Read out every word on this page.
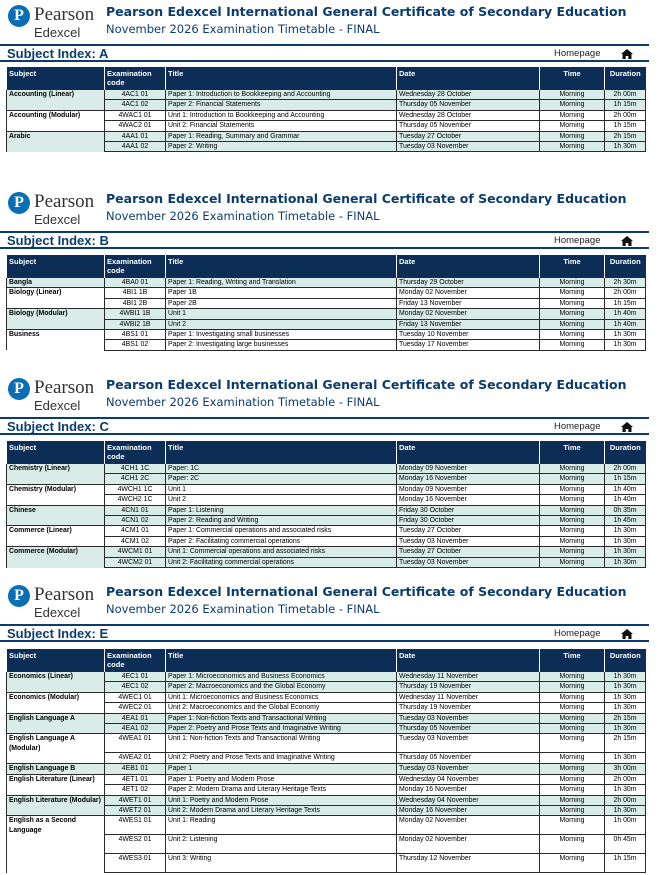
P Pearson
Edexcel
Pearson Edexcel International General Certificate of Secondary Education
November 2026 Examination Timetable - FINAL
Subject Index: A	Homepage
Subject	Examination
code	Title	Date	Time	Duration
Accounting (Linear)	4AC1 01	Paper 1: Introduction to Bookkeeping and Accounting	Wednesday 28 October	Morning	2h 00m
	4AC1 02	Paper 2: Financial Statements	Thursday 05 November	Morning	1h 15m
Accounting (Modular)	4WAC1 01	Unit 1: Introduction to Bookkeeping and Accounting	Wednesday 28 October	Morning	2h 00m
	4WAC2 01	Unit 2: Financial Statements	Thursday 05 November	Morning	1h 15m
Arabic	4AA1 01	Paper 1: Reading, Summary and Grammar	Tuesday 27 October	Morning	2h 15m
	4AA1 02	Paper 2: Writing	Tuesday 03 November	Morning	1h 30m
P Pearson
Edexcel
Pearson Edexcel International General Certificate of Secondary Education
November 2026 Examination Timetable - FINAL
Subject Index: B	Homepage
Subject	Examination
code	Title	Date	Time	Duration
Bangla	4BA0 01	Paper 1: Reading, Writing and Translation	Thursday 29 October	Morning	2h 30m
Biology (Linear)	4BI1 1B	Paper 1B	Monday 02 November	Morning	2h 00m
	4BI1 2B	Paper 2B	Friday 13 November	Morning	1h 15m
Biology (Modular)	4WBI1 1B	Unit 1	Monday 02 November	Morning	1h 40m
	4WBI2 1B	Unit 2	Friday 13 November	Morning	1h 40m
Business	4BS1 01	Paper 1: Investigating small businesses	Tuesday 10 November	Morning	1h 30m
	4BS1 02	Paper 2: Investigating large businesses	Tuesday 17 November	Morning	1h 30m
P Pearson
Edexcel
Pearson Edexcel International General Certificate of Secondary Education
November 2026 Examination Timetable - FINAL
Subject Index: C	Homepage
Subject	Examination
code	Title	Date	Time	Duration
Chemistry (Linear)	4CH1 1C	Paper: 1C	Monday 09 November	Morning	2h 00m
	4CH1 2C	Paper: 2C	Monday 16 November	Morning	1h 15m
Chemistry (Modular)	4WCH1 1C	Unit 1	Monday 09 November	Morning	1h 40m
	4WCH2 1C	Unit 2	Monday 16 November	Morning	1h 40m
Chinese	4CN1 01	Paper 1: Listening	Friday 30 October	Morning	0h 35m
	4CN1 02	Paper 2: Reading and Writing	Friday 30 October	Morning	1h 45m
Commerce (Linear)	4CM1 01	Paper 1: Commercial operations and associated risks	Tuesday 27 October	Morning	1h 30m
	4CM1 02	Paper 2: Facilitating commercial operations	Tuesday 03 November	Morning	1h 30m
Commerce (Modular)	4WCM1 01	Unit 1: Commercial operations and associated risks	Tuesday 27 October	Morning	1h 30m
	4WCM2 01	Unit 2: Facilitating commercial operations	Tuesday 03 November	Morning	1h 30m
P Pearson
Edexcel
Pearson Edexcel International General Certificate of Secondary Education
November 2026 Examination Timetable - FINAL
Subject Index: E	Homepage
Subject	Examination
code	Title	Date	Time	Duration
Economics (Linear)	4EC1 01	Paper 1: Microeconomics and Business Economics	Wednesday 11 November	Morning	1h 30m
	4EC1 02	Paper 2: Macroeconomics and the Global Economy	Thursday 19 November	Morning	1h 30m
Economics (Modular)	4WEC1 01	Unit 1: Microeconomics and Business Economics	Wednesday 11 November	Morning	1h 30m
	4WEC2 01	Unit 2: Macroeconomics and the Global Economy	Thursday 19 November	Morning	1h 30m
English Language A	4EA1 01	Paper 1: Non-fiction Texts and Transactional Writing	Tuesday 03 November	Morning	2h 15m
	4EA1 02	Paper 2: Poetry and Prose Texts and Imaginative Writing	Thursday 05 November	Morning	1h 30m
English Language A (Modular)	4WEA1 01	Unit 1: Non-fiction Texts and Transactional Writing	Tuesday 03 November	Morning	2h 15m
	4WEA2 01	Unit 2: Poetry and Prose Texts and Imaginative Writing	Thursday 05 November	Morning	1h 30m
English Language B	4EB1 01	Paper 1	Tuesday 03 November	Morning	3h 00m
English Literature (Linear)	4ET1 01	Paper 1: Poetry and Modern Prose	Wednesday 04 November	Morning	2h 00m
	4ET1 02	Paper 2: Modern Drama and Literary Heritage Texts	Monday 16 November	Morning	1h 30m
English Literature (Modular)	4WET1 01	Unit 1: Poetry and Modern Prose	Wednesday 04 November	Morning	2h 00m
	4WET2 01	Unit 2: Modern Drama and Literary Heritage Texts	Monday 16 November	Morning	1h 30m
English as a Second Language	4WES1 01	Unit 1: Reading	Monday 02 November	Morning	1h 00m
	4WES2 01	Unit 2: Listening	Monday 02 November	Morning	0h 45m
	4WES3 01	Unit 3: Writing	Thursday 12 November	Morning	1h 15m
